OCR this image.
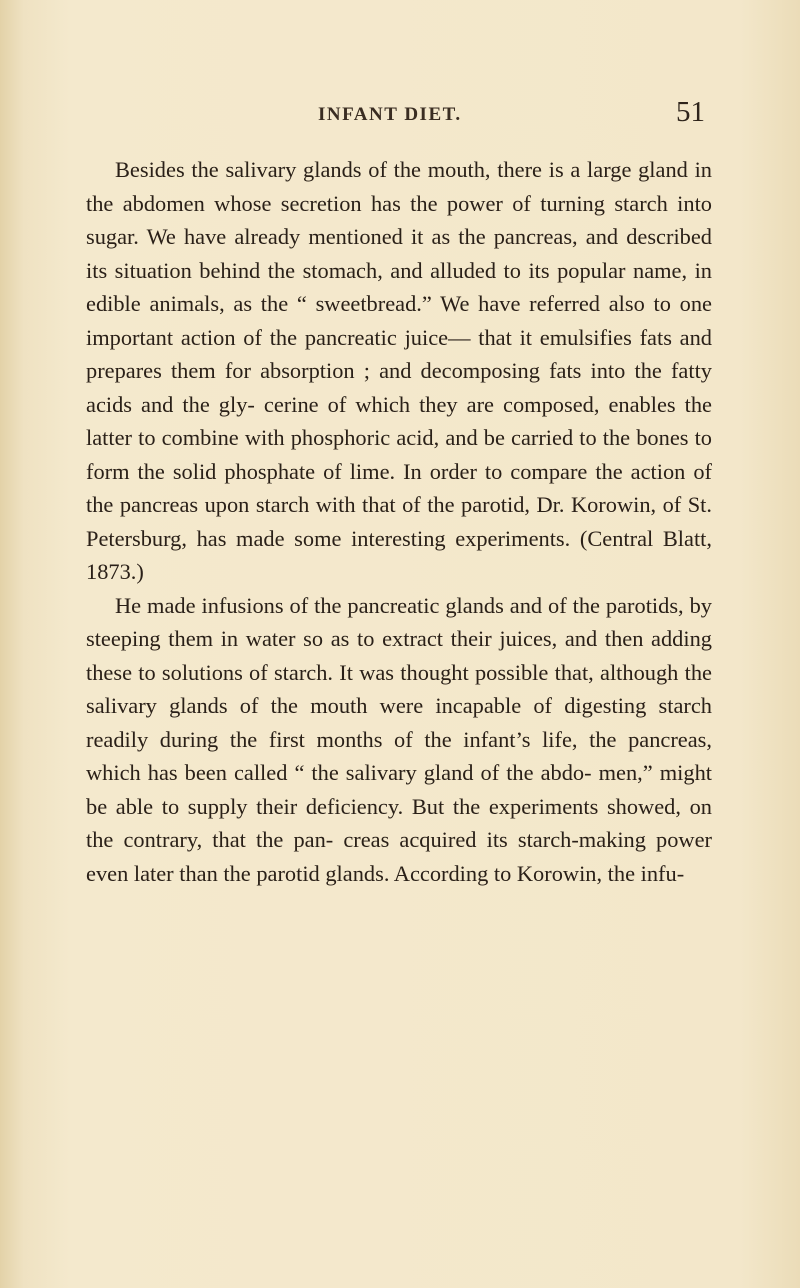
INFANT DIET.	51

Besides the salivary glands of the mouth, there is a large gland in the abdomen whose secretion has the power of turning starch into sugar. We have already mentioned it as the pancreas, and described its situation behind the stomach, and alluded to its popular name, in edible animals, as the “ sweetbread.” We have referred also to one important action of the pancreatic juice— that it emulsifies fats and prepares them for absorption ; and decomposing fats into the fatty acids and the gly- cerine of which they are composed, enables the latter to combine with phosphoric acid, and be carried to the bones to form the solid phosphate of lime. In order to compare the action of the pancreas upon starch with that of the parotid, Dr. Korowin, of St. Petersburg, has made some interesting experiments. (Central Blatt, 1873.)

He made infusions of the pancreatic glands and of the parotids, by steeping them in water so as to extract their juices, and then adding these to solutions of starch. It was thought possible that, although the salivary glands of the mouth were incapable of digesting starch readily during the first months of the infant’s life, the pancreas, which has been called “ the salivary gland of the abdo- men,” might be able to supply their deficiency. But the experiments showed, on the contrary, that the pan- creas acquired its starch-making power even later than the parotid glands. According to Korowin, the infu-
